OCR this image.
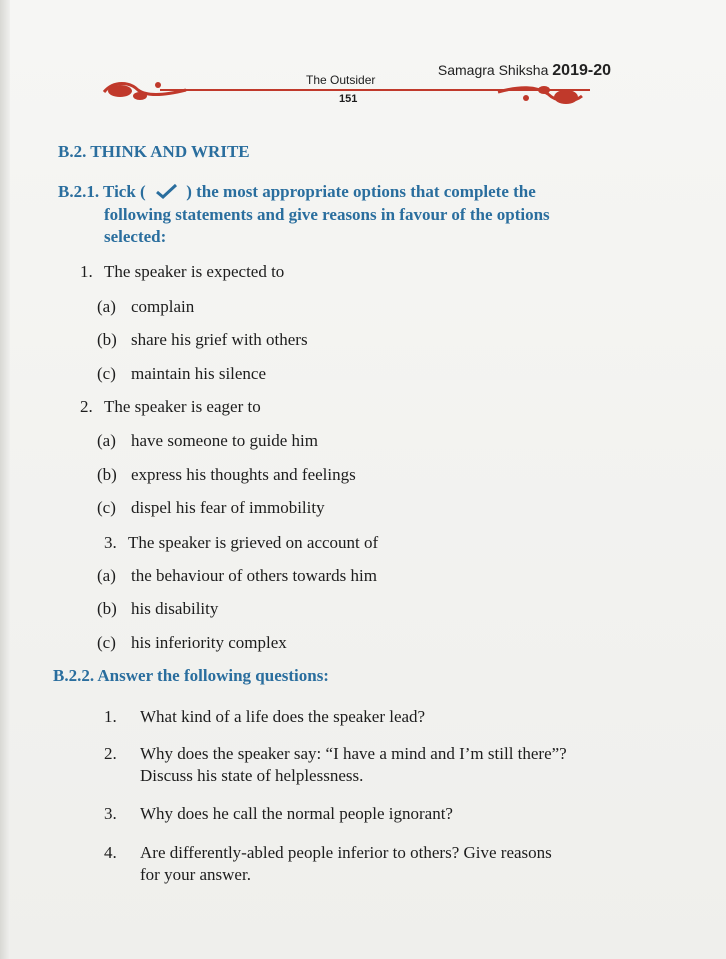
Samagra Shiksha 2019-20
The Outsider
151
B.2. THINK AND WRITE
B.2.1. Tick ( ) the most appropriate options that complete the
following statements and give reasons in favour of the options
selected:
1. The speaker is expected to
(a) complain
(b) share his grief with others
(c) maintain his silence
2. The speaker is eager to
(a) have someone to guide him
(b) express his thoughts and feelings
(c) dispel his fear of immobility
3. The speaker is grieved on account of
(a) the behaviour of others towards him
(b) his disability
(c) his inferiority complex
B.2.2. Answer the following questions:
1. What kind of a life does the speaker lead?
2. Why does the speaker say: “I have a mind and I’m still there”?
Discuss his state of helplessness.
3. Why does he call the normal people ignorant?
4. Are differently-abled people inferior to others? Give reasons
for your answer.
